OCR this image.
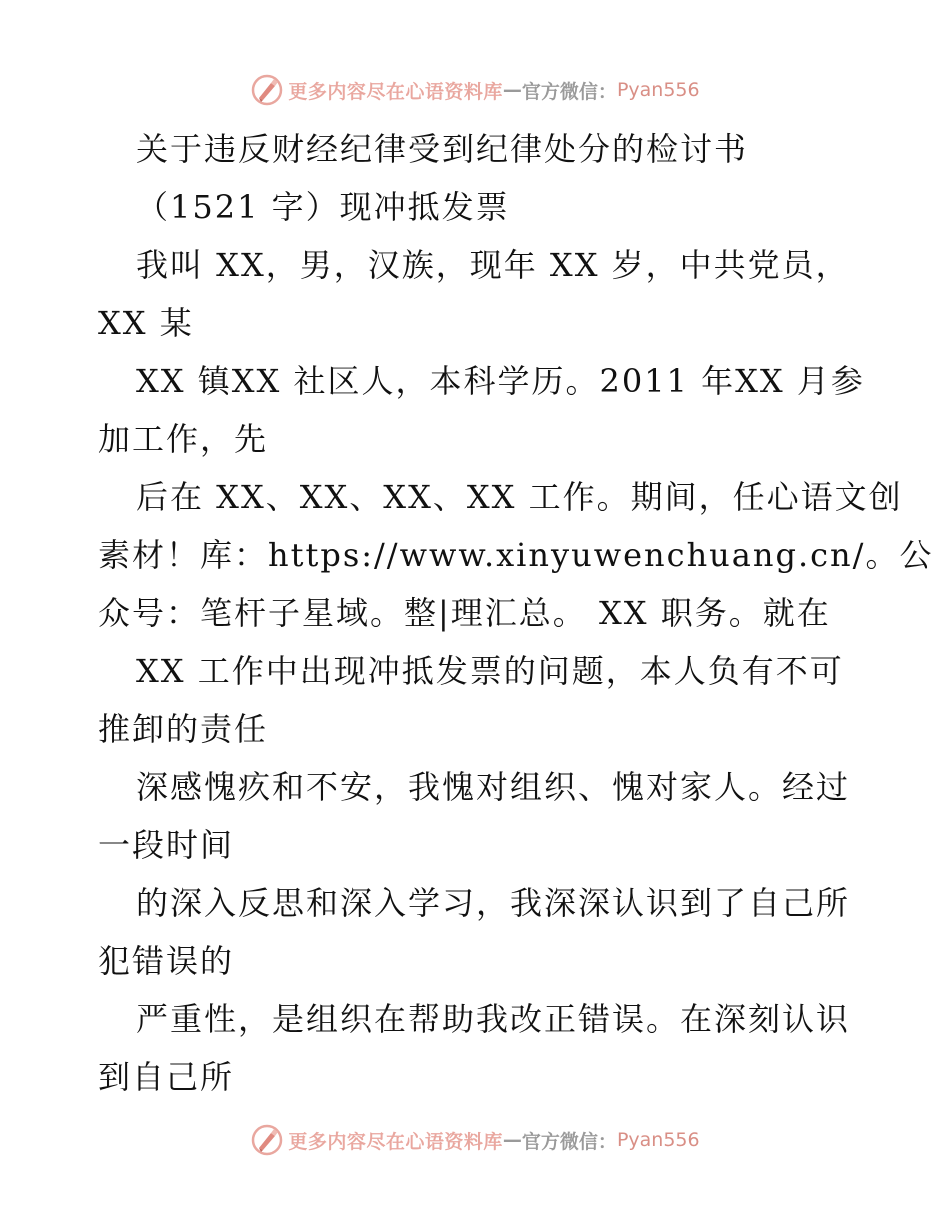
更多内容尽在心语资料库 — 官方微信： Pyan556
关于违反财经纪律受到纪律处分的检讨书
（1521 字）现冲抵发票
我叫 XX，男，汉族，现年 XX 岁，中共党员，
XX 某
XX 镇XX 社区人，本科学历。2011 年XX 月参
加工作，先
后在 XX、XX、XX、XX 工作。期间，任心语文创
素材！库：https://www.xinyuwenchuang.cn/。公
众号：笔杆子星域。整|理汇总。 XX 职务。就在
XX 工作中出现冲抵发票的问题，本人负有不可
推卸的责任
深感愧疚和不安，我愧对组织、愧对家人。经过
一段时间
的深入反思和深入学习，我深深认识到了自己所
犯错误的
严重性，是组织在帮助我改正错误。在深刻认识
到自己所
更多内容尽在心语资料库 — 官方微信： Pyan556
